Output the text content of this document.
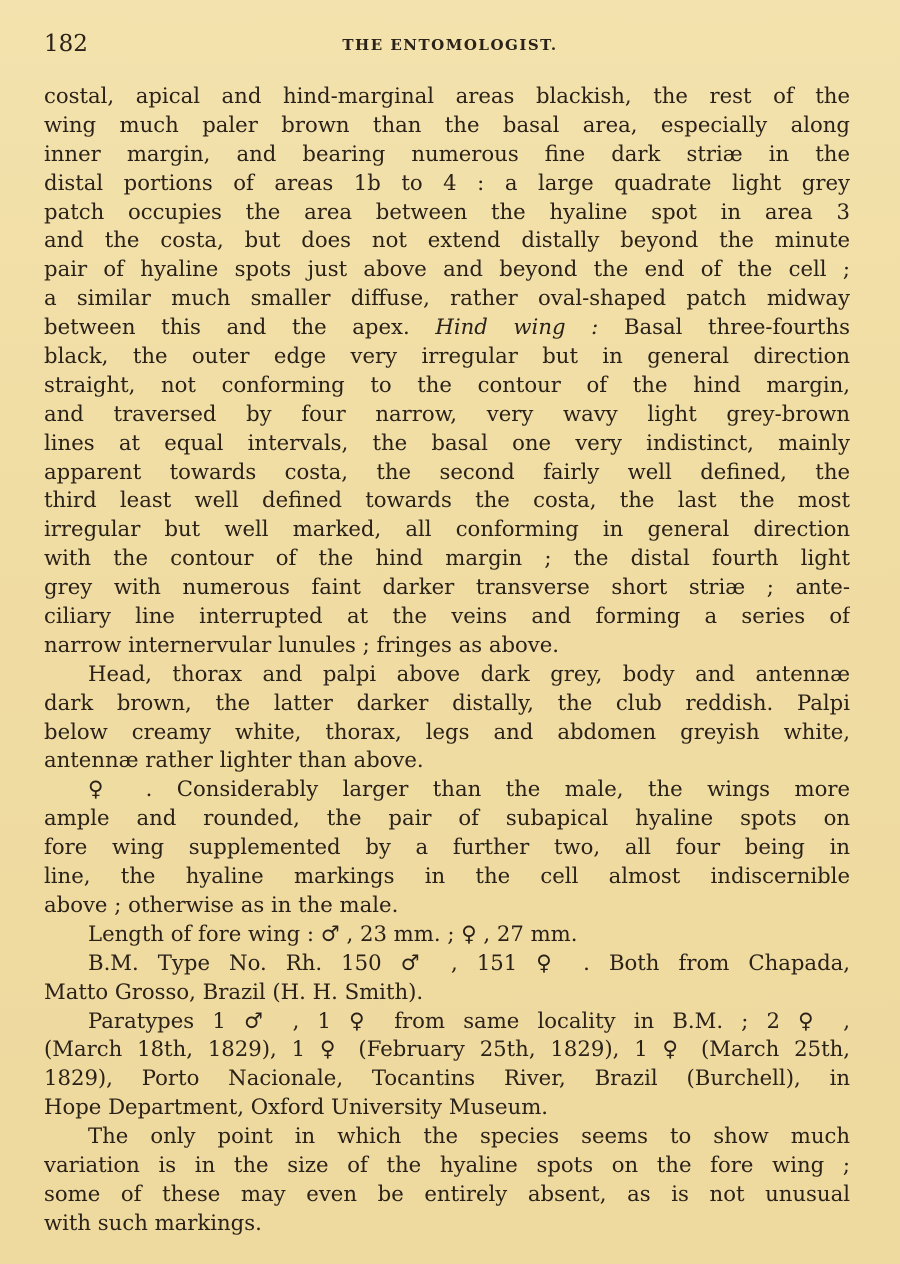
182	THE ENTOMOLOGIST.
costal, apical and hind-marginal areas blackish, the rest of the
wing much paler brown than the basal area, especially along
inner margin, and bearing numerous fine dark striæ in the
distal portions of areas 1b to 4 : a large quadrate light grey
patch occupies the area between the hyaline spot in area 3
and the costa, but does not extend distally beyond the minute
pair of hyaline spots just above and beyond the end of the cell ;
a similar much smaller diffuse, rather oval-shaped patch midway
between this and the apex. Hind wing : Basal three-fourths
black, the outer edge very irregular but in general direction
straight, not conforming to the contour of the hind margin,
and traversed by four narrow, very wavy light grey-brown
lines at equal intervals, the basal one very indistinct, mainly
apparent towards costa, the second fairly well defined, the
third least well defined towards the costa, the last the most
irregular but well marked, all conforming in general direction
with the contour of the hind margin ; the distal fourth light
grey with numerous faint darker transverse short striæ ; ante-
ciliary line interrupted at the veins and forming a series of
narrow internervular lunules ; fringes as above.
Head, thorax and palpi above dark grey, body and antennæ
dark brown, the latter darker distally, the club reddish. Palpi
below creamy white, thorax, legs and abdomen greyish white,
antennæ rather lighter than above.
♀ . Considerably larger than the male, the wings more
ample and rounded, the pair of subapical hyaline spots on
fore wing supplemented by a further two, all four being in
line, the hyaline markings in the cell almost indiscernible
above ; otherwise as in the male.
Length of fore wing : ♂ , 23 mm. ; ♀ , 27 mm.
B.M. Type No. Rh. 150 ♂ , 151 ♀ . Both from Chapada,
Matto Grosso, Brazil (H. H. Smith).
Paratypes 1 ♂ , 1 ♀ from same locality in B.M. ; 2 ♀ ,
(March 18th, 1829), 1 ♀ (February 25th, 1829), 1 ♀ (March 25th,
1829), Porto Nacionale, Tocantins River, Brazil (Burchell), in
Hope Department, Oxford University Museum.
The only point in which the species seems to show much
variation is in the size of the hyaline spots on the fore wing ;
some of these may even be entirely absent, as is not unusual
with such markings.
